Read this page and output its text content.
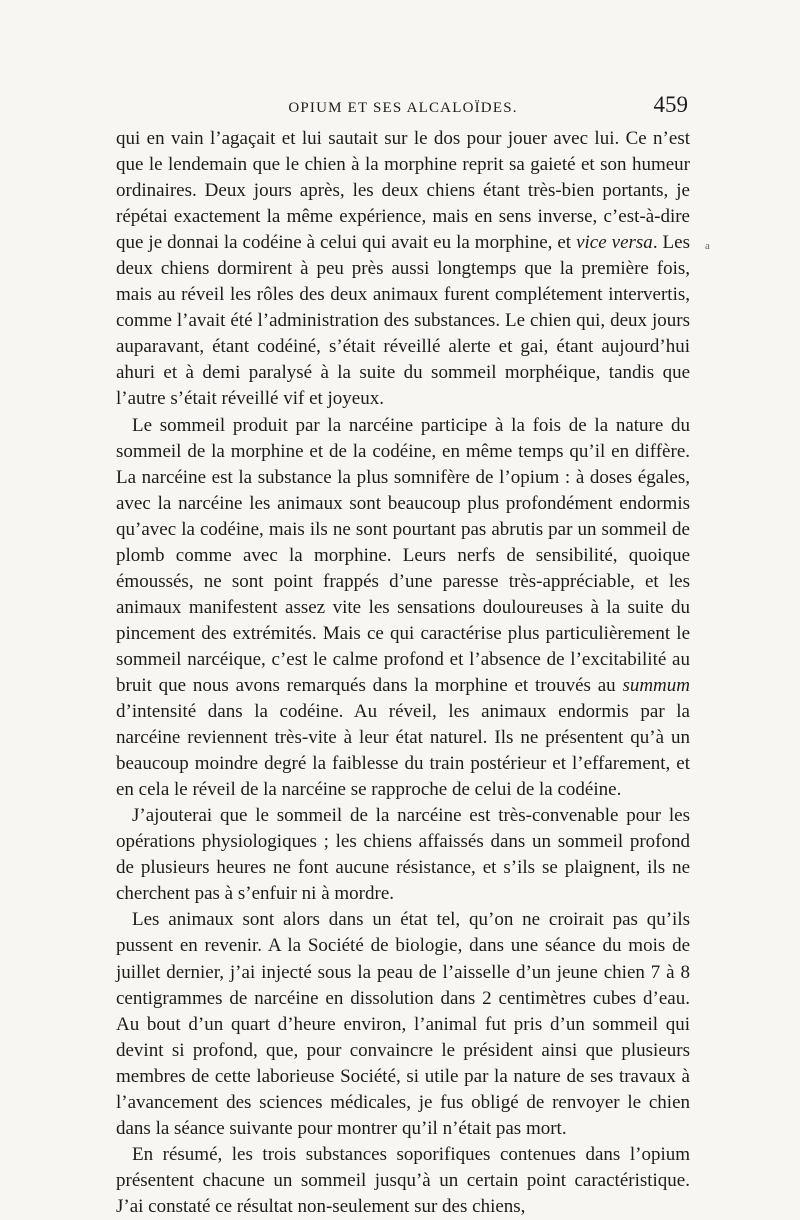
OPIUM ET SES ALCALOÏDES.	459

qui en vain l’agaçait et lui sautait sur le dos pour jouer avec lui. Ce n’est que le lendemain que le chien à la morphine reprit sa gaieté et son humeur ordinaires. Deux jours après, les deux chiens étant très-bien portants, je répétai exactement la même expérience, mais en sens inverse, c’est-à-dire que je donnai la codéine à celui qui avait eu la morphine, et vice versa. Les deux chiens dormirent à peu près aussi longtemps que la première fois, mais au réveil les rôles des deux animaux furent complétement intervertis, comme l’avait été l’administration des substances. Le chien qui, deux jours auparavant, étant codéiné, s’était réveillé alerte et gai, étant aujourd’hui ahuri et à demi paralysé à la suite du sommeil morphéique, tandis que l’autre s’était réveillé vif et joyeux.

Le sommeil produit par la narcéine participe à la fois de la nature du sommeil de la morphine et de la codéine, en même temps qu’il en diffère. La narcéine est la substance la plus somnifère de l’opium : à doses égales, avec la narcéine les animaux sont beaucoup plus profondément endormis qu’avec la codéine, mais ils ne sont pourtant pas abrutis par un sommeil de plomb comme avec la morphine. Leurs nerfs de sensibilité, quoique émoussés, ne sont point frappés d’une paresse très-appréciable, et les animaux manifestent assez vite les sensations douloureuses à la suite du pincement des extrémités. Mais ce qui caractérise plus particulièrement le sommeil narcéique, c’est le calme profond et l’absence de l’excitabilité au bruit que nous avons remarqués dans la morphine et trouvés au summum d’intensité dans la codéine. Au réveil, les animaux endormis par la narcéine reviennent très-vite à leur état naturel. Ils ne présentent qu’à un beaucoup moindre degré la faiblesse du train postérieur et l’effarement, et en cela le réveil de la narcéine se rapproche de celui de la codéine.

J’ajouterai que le sommeil de la narcéine est très-convenable pour les opérations physiologiques ; les chiens affaissés dans un sommeil profond de plusieurs heures ne font aucune résistance, et s’ils se plaignent, ils ne cherchent pas à s’enfuir ni à mordre.

Les animaux sont alors dans un état tel, qu’on ne croirait pas qu’ils pussent en revenir. A la Société de biologie, dans une séance du mois de juillet dernier, j’ai injecté sous la peau de l’aisselle d’un jeune chien 7 à 8 centigrammes de narcéine en dissolution dans 2 centimètres cubes d’eau. Au bout d’un quart d’heure environ, l’animal fut pris d’un sommeil qui devint si profond, que, pour convaincre le président ainsi que plusieurs membres de cette laborieuse Société, si utile par la nature de ses travaux à l’avancement des sciences médicales, je fus obligé de renvoyer le chien dans la séance suivante pour montrer qu’il n’était pas mort.

En résumé, les trois substances soporifiques contenues dans l’opium présentent chacune un sommeil jusqu’à un certain point caractéristique. J’ai constaté ce résultat non-seulement sur des chiens,

a
